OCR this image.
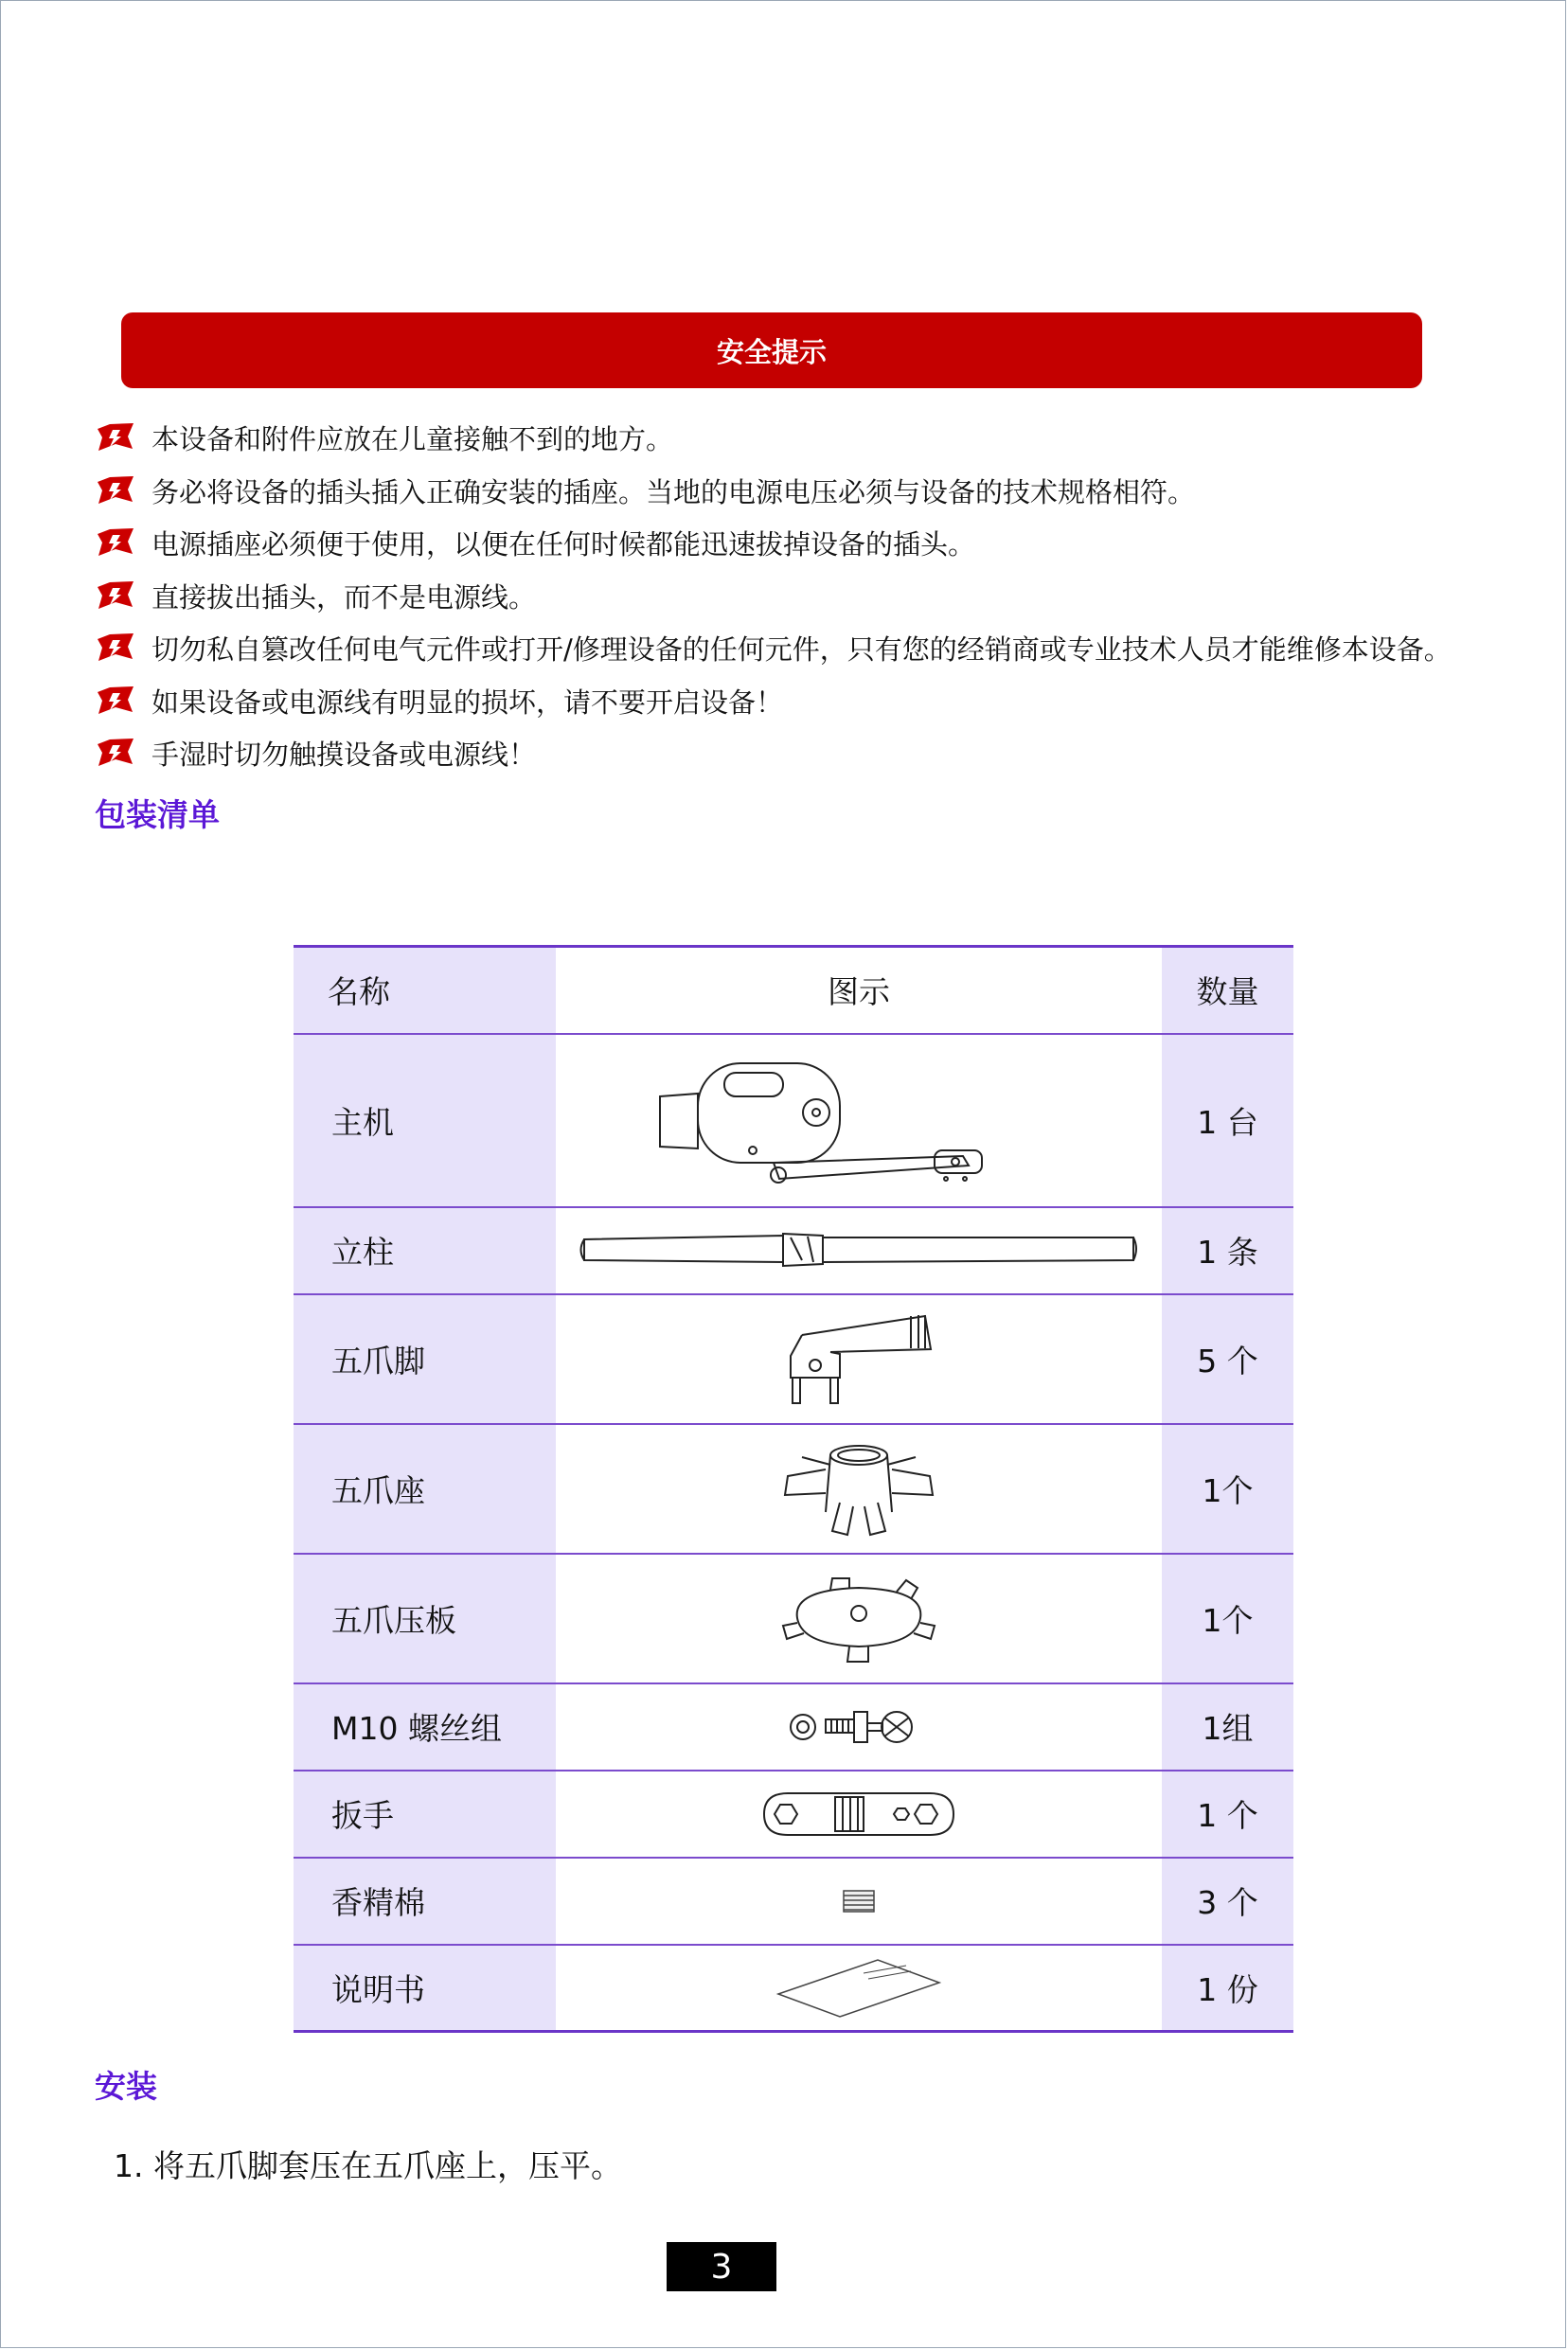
安全提示
本设备和附件应放在儿童接触不到的地方。
务必将设备的插头插入正确安装的插座。当地的电源电压必须与设备的技术规格相符。
电源插座必须便于使用，以便在任何时候都能迅速拔掉设备的插头。
直接拔出插头，而不是电源线。
切勿私自篡改任何电气元件或打开/修理设备的任何元件，只有您的经销商或专业技术人员才能维修本设备。
如果设备或电源线有明显的损坏，请不要开启设备！
手湿时切勿触摸设备或电源线！
包装清单
名称	图示	数量
主机		1 台
立柱		1 条
五爪脚		5 个
五爪座		1个
五爪压板		1个
M10 螺丝组		1组
扳手		1 个
香精棉		3 个
说明书		1 份
安装
1. 将五爪脚套压在五爪座上，压平。
3
